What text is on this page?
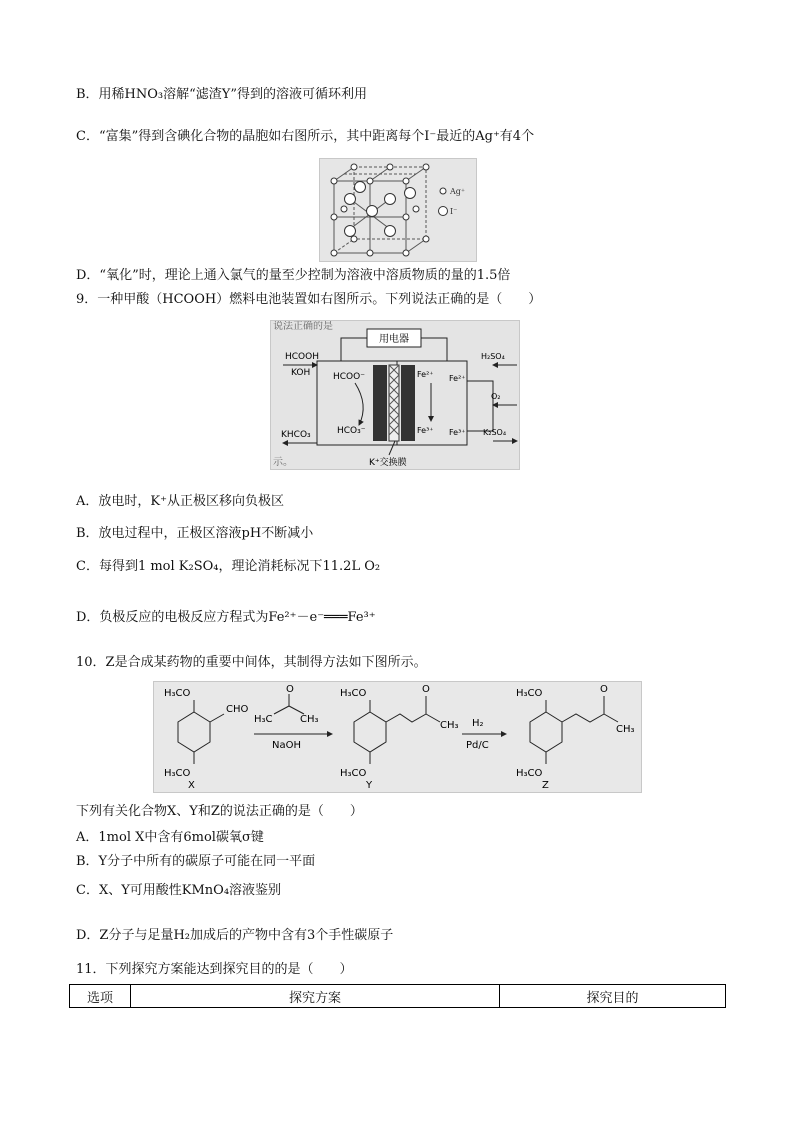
B．用稀HNO₃溶解“滤渣Y”得到的溶液可循环利用
C．“富集”得到含碘化合物的晶胞如右图所示，其中距离每个I⁻最近的Ag⁺有4个
Ag⁺
I⁻
D．“氧化”时，理论上通入氯气的量至少控制为溶液中溶质物质的量的1.5倍
9．一种甲酸（HCOOH）燃料电池装置如右图所示。下列说法正确的是（　　）
说法正确的是
用电器
HCOOH
KOH
KHCO₃
HCOO⁻
HCO₃⁻
Fe²⁺
Fe³⁺
Fe²⁺
Fe³⁺
H₂SO₄
O₂
K₂SO₄
K⁺交换膜
示。
A．放电时，K⁺从正极区移向负极区
B．放电过程中，正极区溶液pH不断减小
C．每得到1 mol K₂SO₄，理论消耗标况下11.2L O₂
D．负极反应的电极反应方程式为Fe²⁺－e⁻═══Fe³⁺
10．Z是合成某药物的重要中间体，其制得方法如下图所示。
H₃CO
CHO
H₃CO
X
O
H₃C	CH₃
NaOH
H₃CO	O
CH₃
H₃CO
Y
H₂
Pd/C
H₃CO	O
CH₃
H₃CO
Z
下列有关化合物X、Y和Z的说法正确的是（　　）
A．1mol X中含有6mol碳氧σ键
B．Y分子中所有的碳原子可能在同一平面
C．X、Y可用酸性KMnO₄溶液鉴别
D．Z分子与足量H₂加成后的产物中含有3个手性碳原子
11．下列探究方案能达到探究目的的是（　　）
选项	探究方案	探究目的
